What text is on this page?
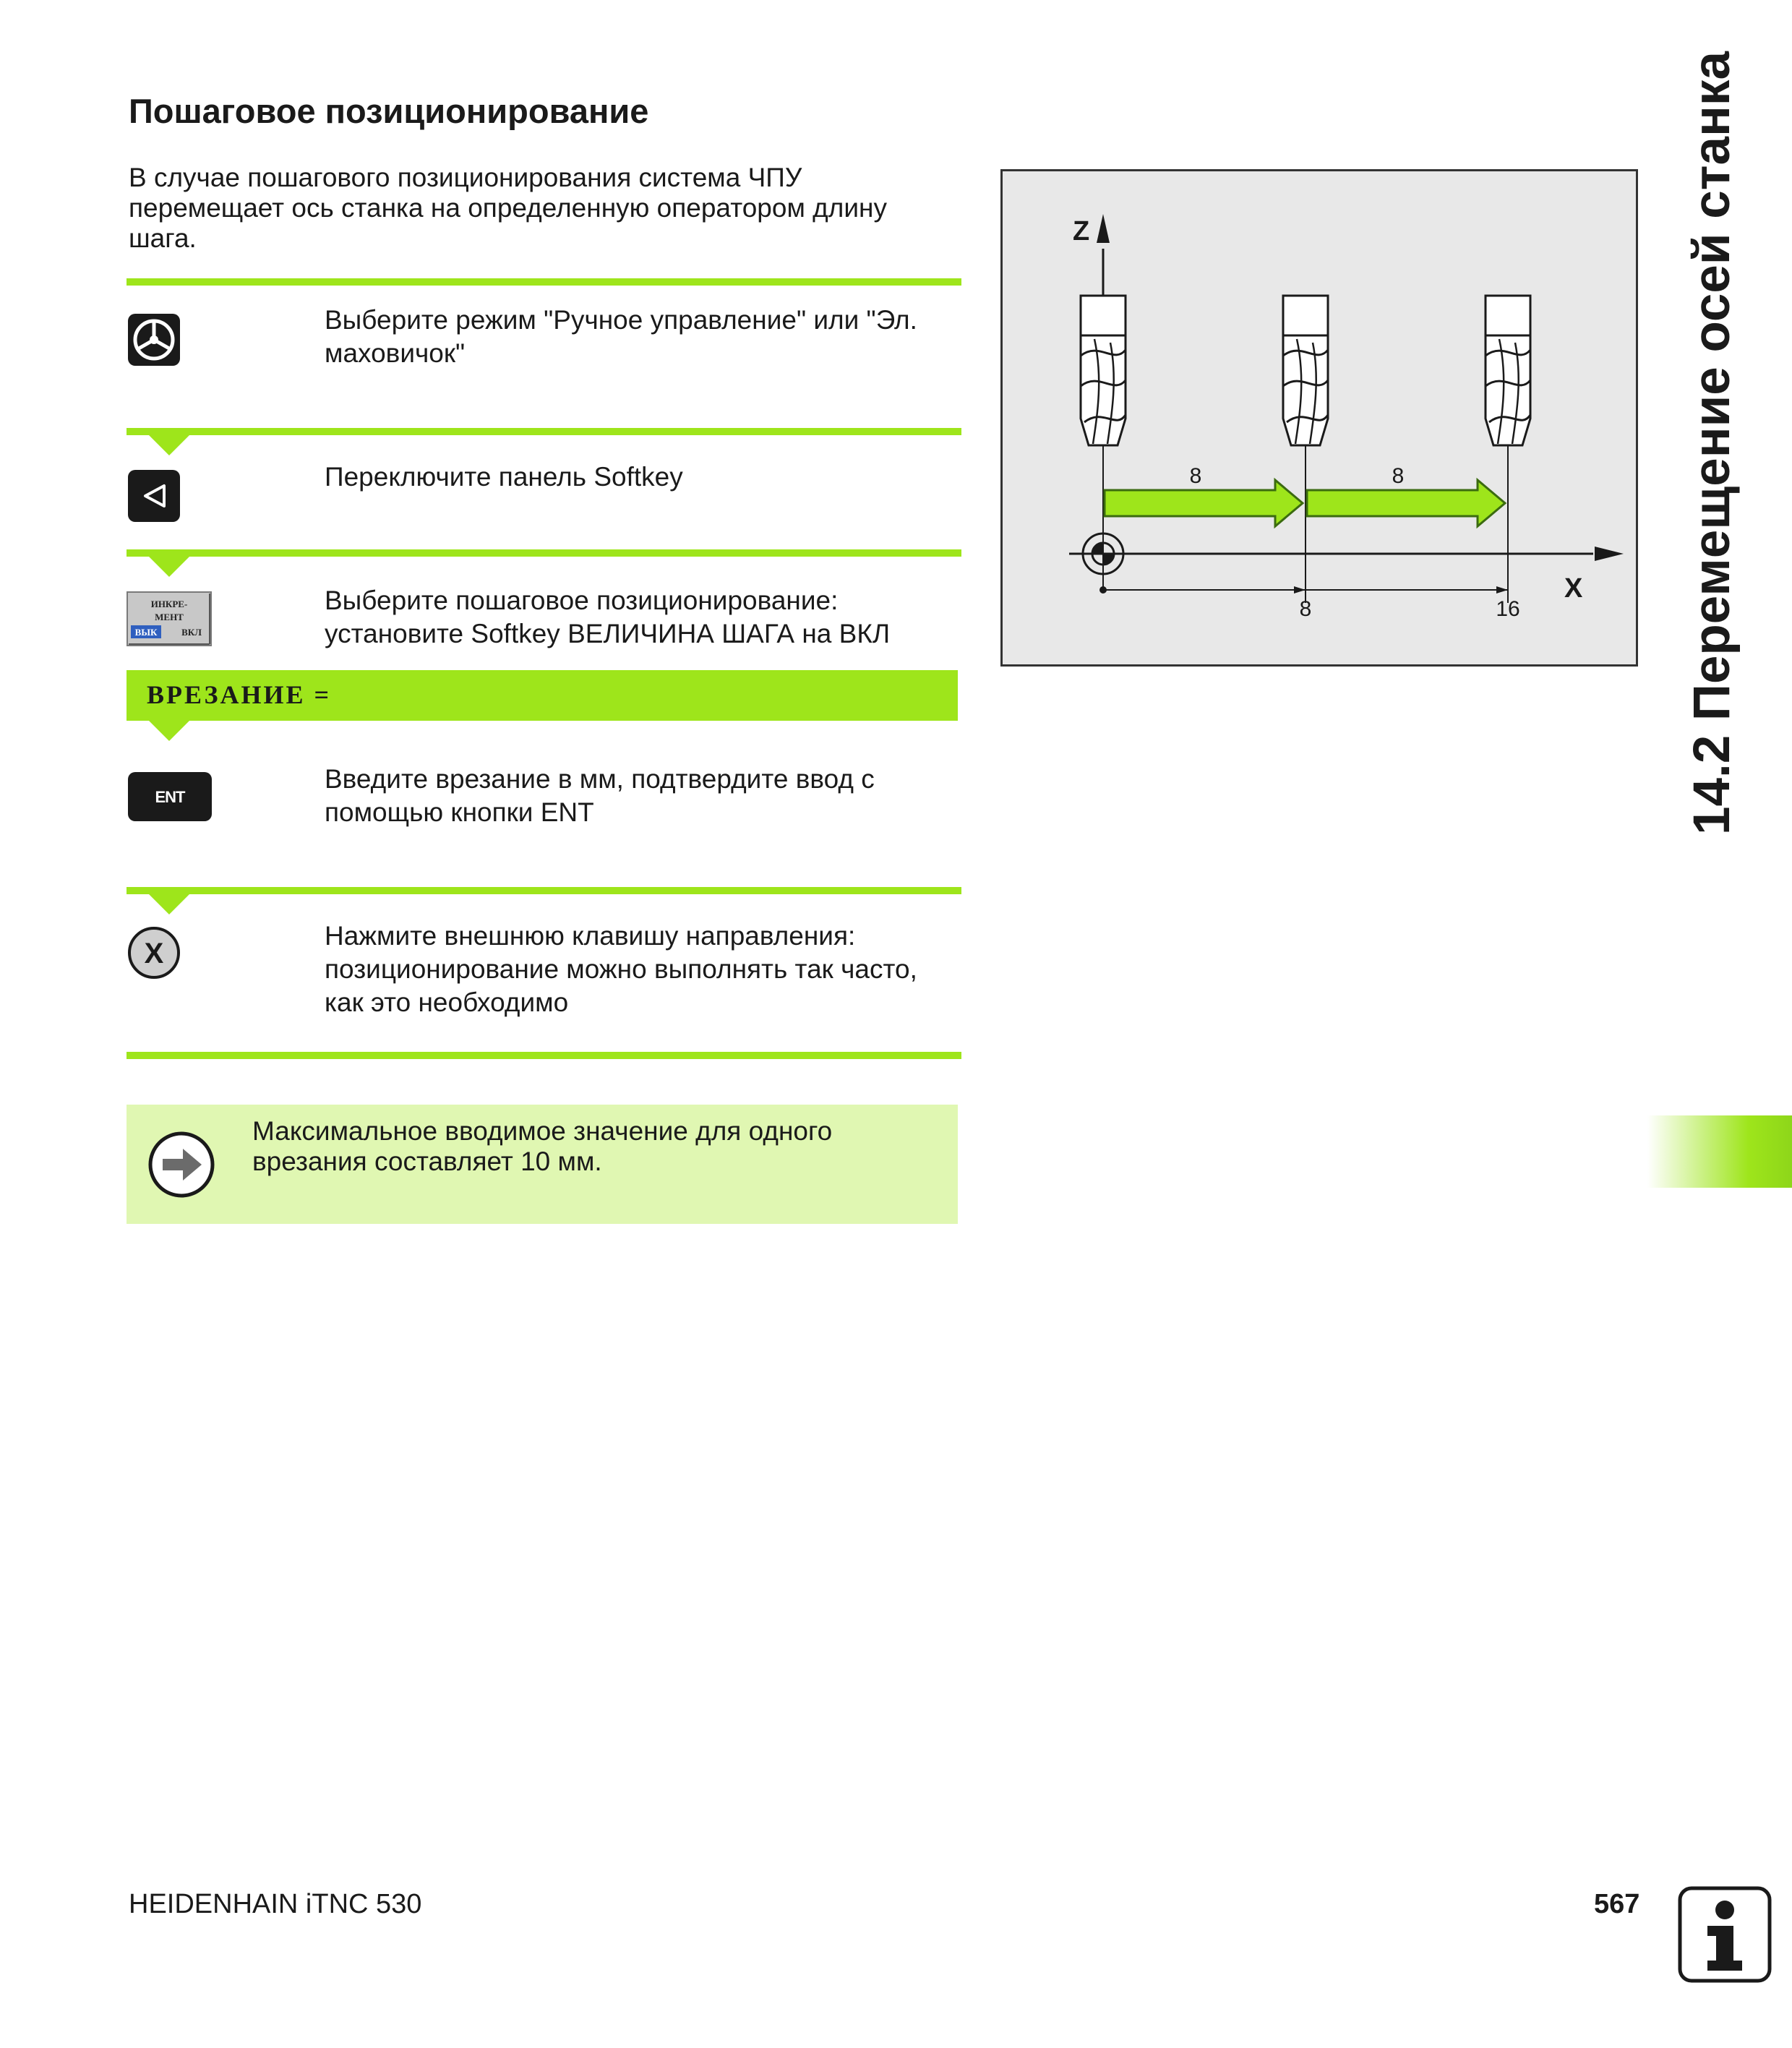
Пошаговое позиционирование
В случае пошагового позиционирования система ЧПУ перемещает ось станка на определенную оператором длину шага.
Выберите режим "Ручное управление" или "Эл. маховичок"
Переключите панель Softkey
ИНКРЕ-
МЕНТ
ВЫК	ВКЛ
Выберите пошаговое позиционирование: установите Softkey ВЕЛИЧИНА ШАГА на ВКЛ
ВРЕЗАНИЕ =
ENT
Введите врезание в мм, подтвердите ввод с помощью кнопки ENT
X
Нажмите внешнюю клавишу направления: позиционирование можно выполнять так часто, как это необходимо
Максимальное вводимое значение для одного врезания составляет 10 мм.
Z
X
8	16
8	8	14.2 Перемещение осей станка
HEIDENHAIN iTNC 530	567
